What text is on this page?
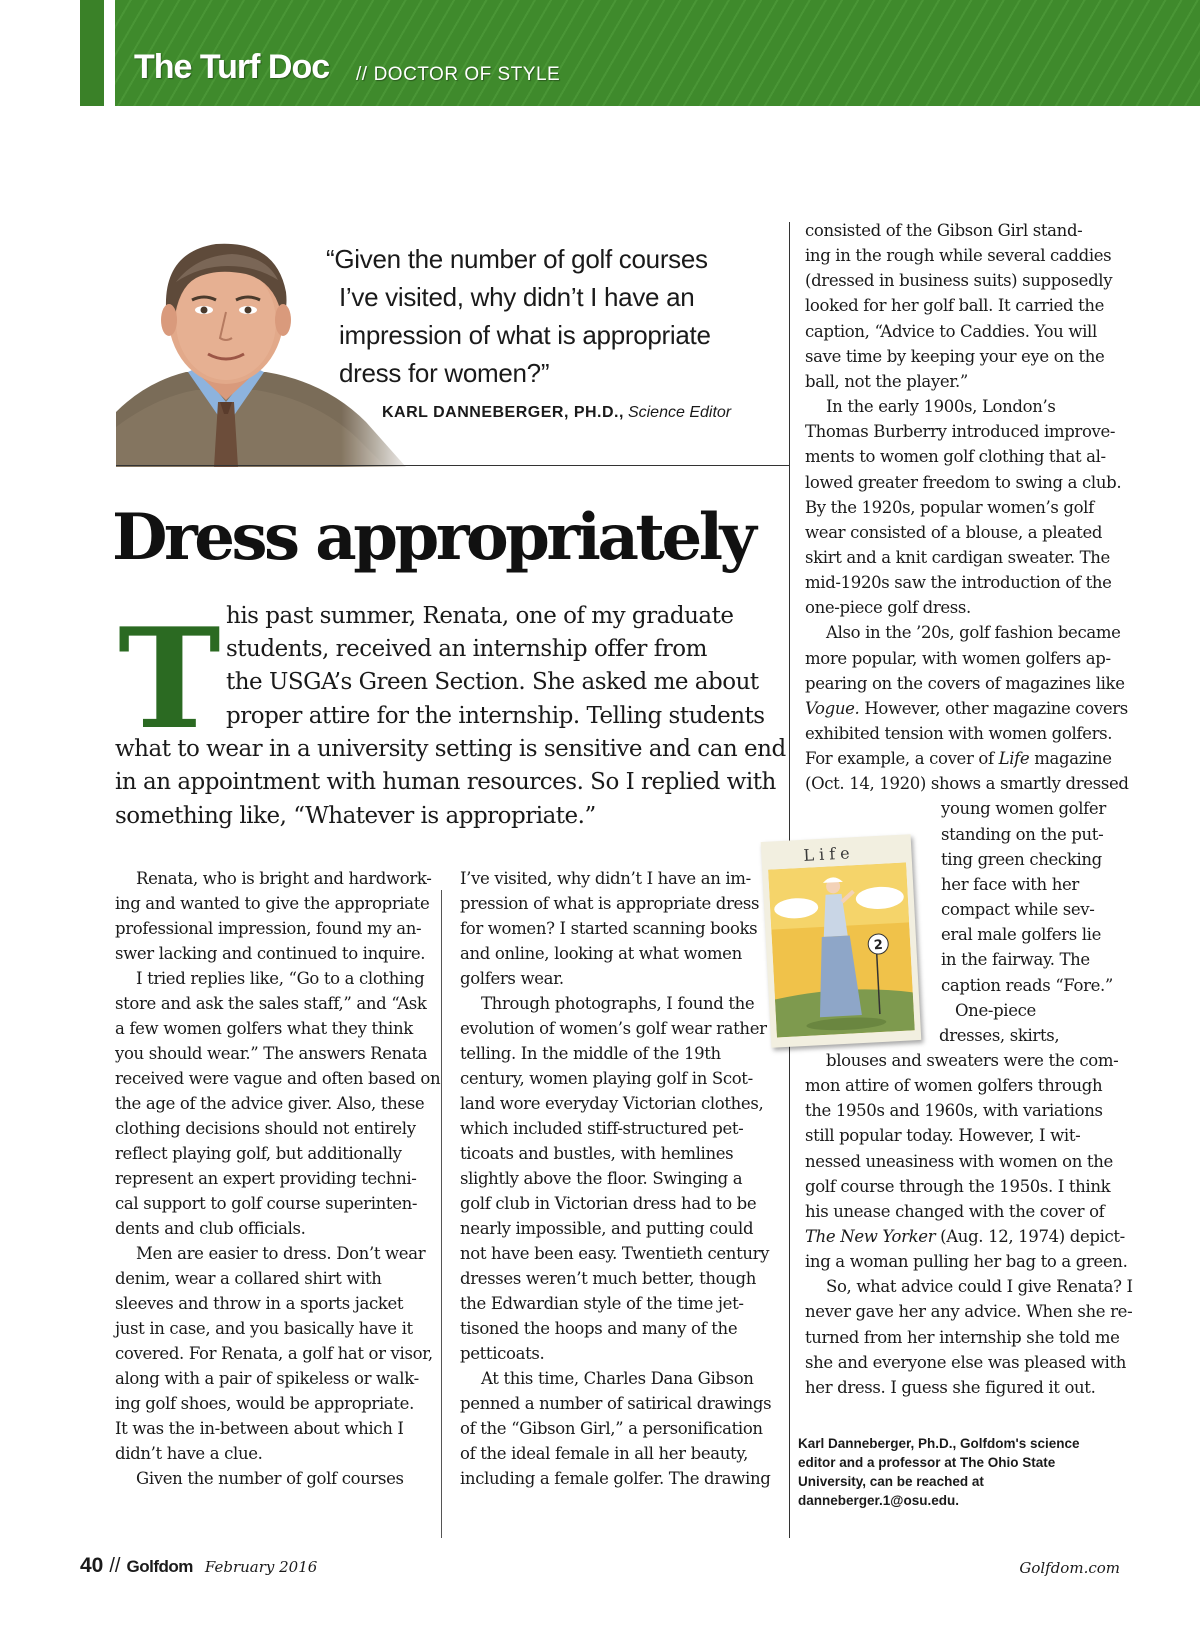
The Turf Doc // DOCTOR OF STYLE
“Given the number of golf courses
I’ve visited, why didn’t I have an
impression of what is appropriate
dress for women?”
KARL DANNEBERGER, PH.D., Science Editor
Dress appropriately
T his past summer, Renata, one of my graduate
students, received an internship offer from
the USGA’s Green Section. She asked me about
proper attire for the internship. Telling students
what to wear in a university setting is sensitive and can end
in an appointment with human resources. So I replied with
something like, “Whatever is appropriate.”
Renata, who is bright and hardwork-
ing and wanted to give the appropriate
professional impression, found my an-
swer lacking and continued to inquire.
I tried replies like, “Go to a clothing
store and ask the sales staff,” and “Ask
a few women golfers what they think
you should wear.” The answers Renata
received were vague and often based on
the age of the advice giver. Also, these
clothing decisions should not entirely
reflect playing golf, but additionally
represent an expert providing techni-
cal support to golf course superinten-
dents and club officials.
Men are easier to dress. Don’t wear
denim, wear a collared shirt with
sleeves and throw in a sports jacket
just in case, and you basically have it
covered. For Renata, a golf hat or visor,
along with a pair of spikeless or walk-
ing golf shoes, would be appropriate.
It was the in-between about which I
didn’t have a clue.
Given the number of golf courses
I’ve visited, why didn’t I have an im-
pression of what is appropriate dress
for women? I started scanning books
and online, looking at what women
golfers wear.
Through photographs, I found the
evolution of women’s golf wear rather
telling. In the middle of the 19th
century, women playing golf in Scot-
land wore everyday Victorian clothes,
which included stiff-structured pet-
ticoats and bustles, with hemlines
slightly above the floor. Swinging a
golf club in Victorian dress had to be
nearly impossible, and putting could
not have been easy. Twentieth century
dresses weren’t much better, though
the Edwardian style of the time jet-
tisoned the hoops and many of the
petticoats.
At this time, Charles Dana Gibson
penned a number of satirical drawings
of the “Gibson Girl,” a personification
of the ideal female in all her beauty,
including a female golfer. The drawing
consisted of the Gibson Girl stand-
ing in the rough while several caddies
(dressed in business suits) supposedly
looked for her golf ball. It carried the
caption, “Advice to Caddies. You will
save time by keeping your eye on the
ball, not the player.”
In the early 1900s, London’s
Thomas Burberry introduced improve-
ments to women golf clothing that al-
lowed greater freedom to swing a club.
By the 1920s, popular women’s golf
wear consisted of a blouse, a pleated
skirt and a knit cardigan sweater. The
mid-1920s saw the introduction of the
one-piece golf dress.
Also in the ’20s, golf fashion became
more popular, with women golfers ap-
pearing on the covers of magazines like
Vogue. However, other magazine covers
exhibited tension with women golfers.
For example, a cover of Life magazine
(Oct. 14, 1920) shows a smartly dressed
young women golfer
standing on the put-
ting green checking
her face with her
compact while sev-
eral male golfers lie
in the fairway. The
caption reads “Fore.”
One-piece
dresses, skirts,
blouses and sweaters were the com-
mon attire of women golfers through
the 1950s and 1960s, with variations
still popular today. However, I wit-
nessed uneasiness with women on the
golf course through the 1950s. I think
his unease changed with the cover of
The New Yorker (Aug. 12, 1974) depict-
ing a woman pulling her bag to a green.
So, what advice could I give Renata? I
never gave her any advice. When she re-
turned from her internship she told me
she and everyone else was pleased with
her dress. I guess she figured it out.
Life
2
Karl Danneberger, Ph.D., Golfdom's science
editor and a professor at The Ohio State
University, can be reached at
danneberger.1@osu.edu.
40 // Golfdom February 2016	Golfdom.com
